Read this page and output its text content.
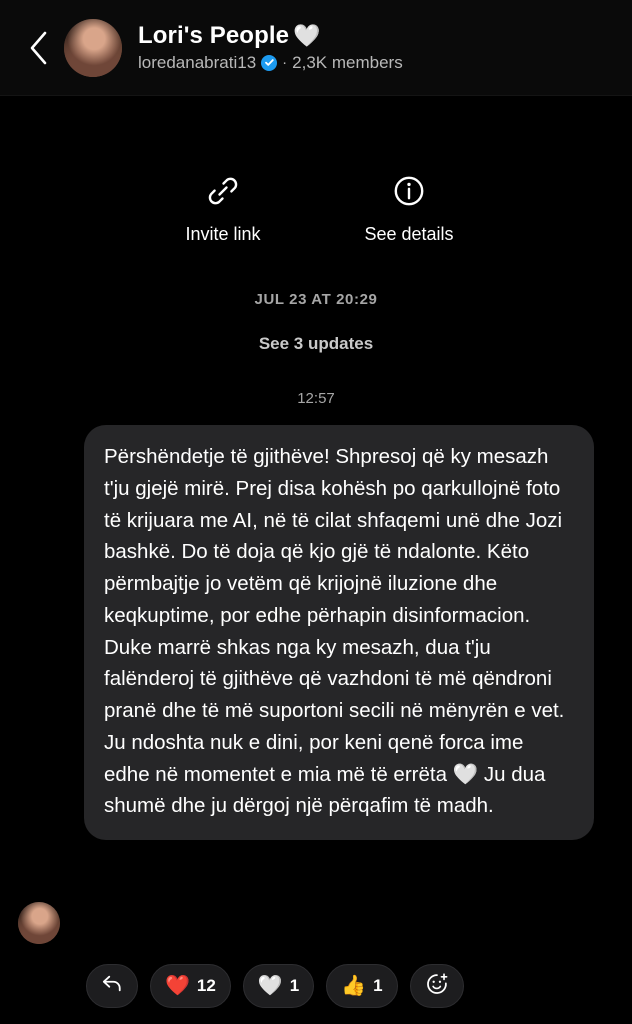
Lori's People 🤍
loredanabrati13 · 2,3K members
Invite link	See details
JUL 23 AT 20:29
See 3 updates
12:57
Përshëndetje të gjithëve! Shpresoj që ky mesazh t'ju gjejë mirë. Prej disa kohësh po qarkullojnë foto të krijuara me AI, në të cilat shfaqemi unë dhe Jozi bashkë. Do të doja që kjo gjë të ndalonte. Këto përmbajtje jo vetëm që krijojnë iluzione dhe keqkuptime, por edhe përhapin disinformacion. Duke marrë shkas nga ky mesazh, dua t'ju falënderoj të gjithëve që vazhdoni të më qëndroni pranë dhe të më suportoni secili në mënyrën e vet. Ju ndoshta nuk e dini, por keni qenë forca ime edhe në momentet e mia më të errëta 🤍 Ju dua shumë dhe ju dërgoj një përqafim të madh.
❤️ 12 🤍 1 👍 1
